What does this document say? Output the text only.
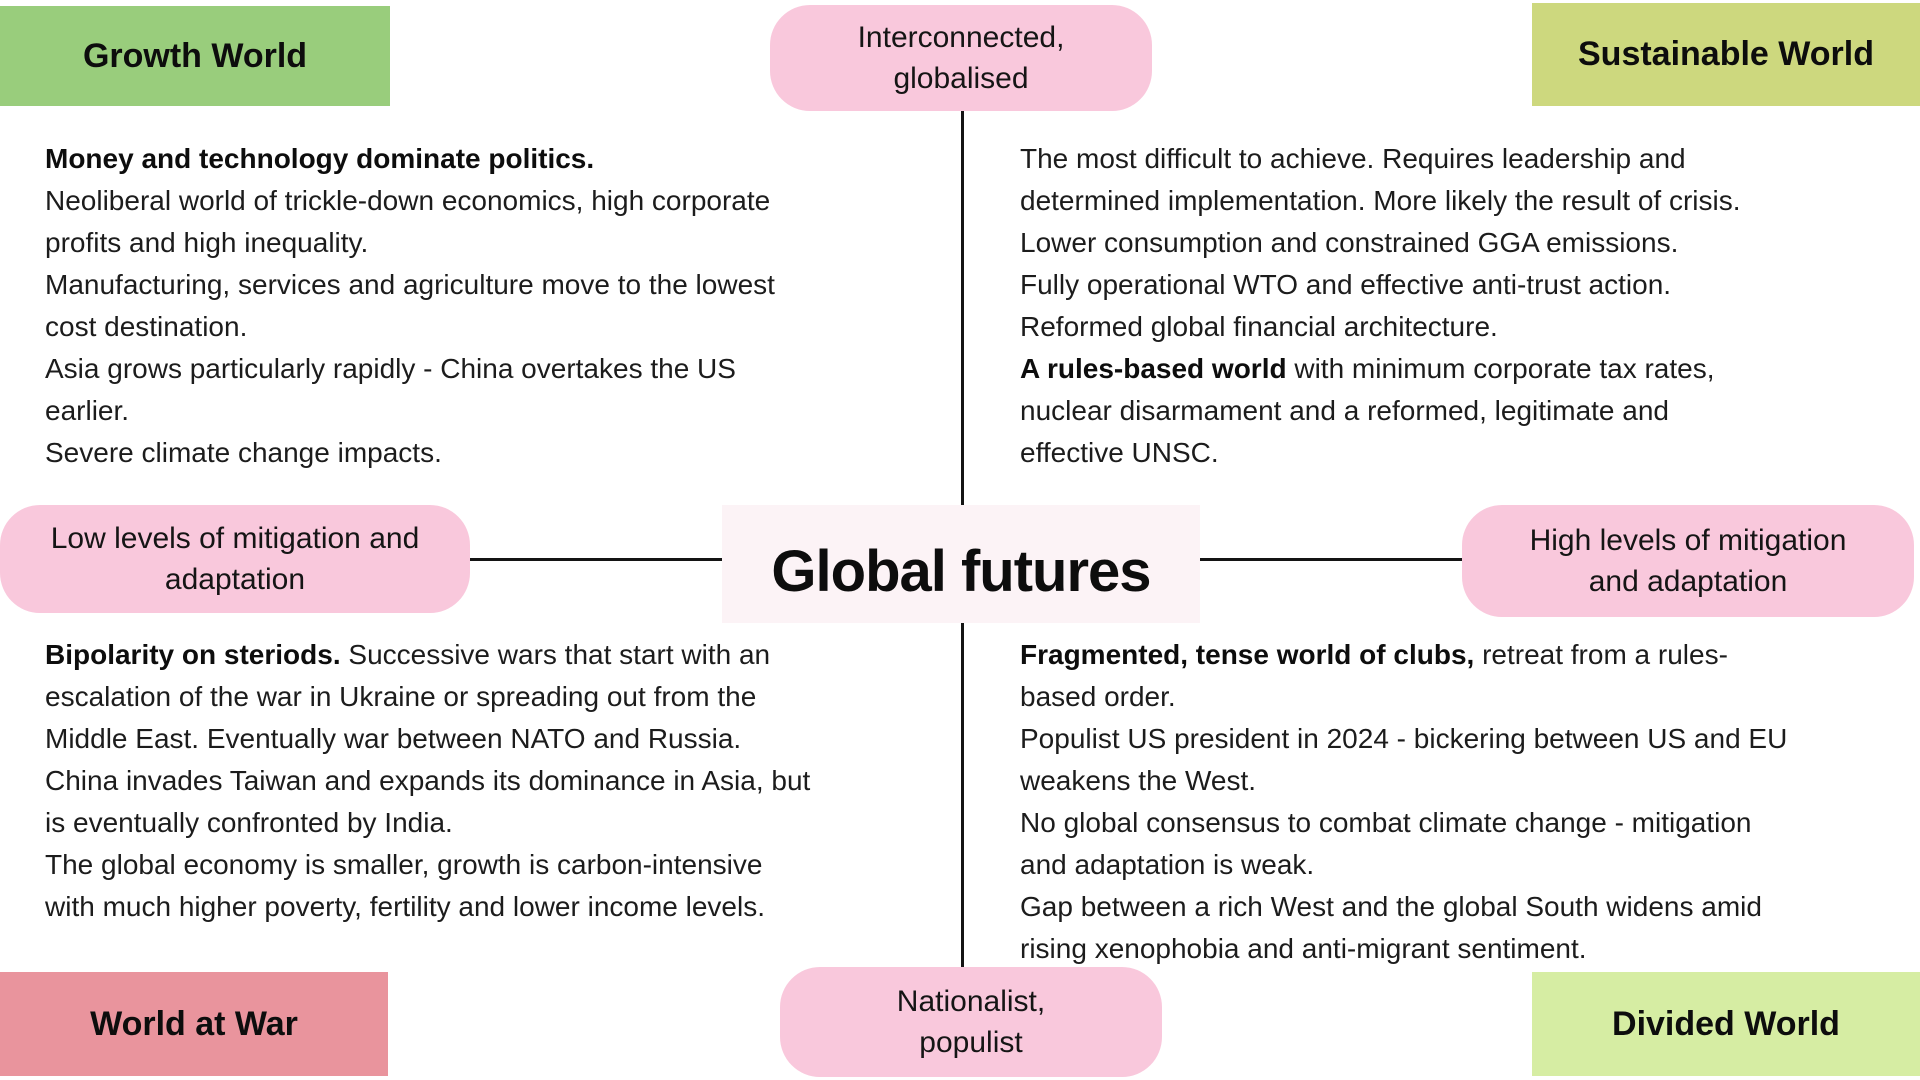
Growth World	Sustainable World
World at War	Divided World
Interconnected,
globalised
Nationalist,
populist
Low levels of mitigation and
adaptation
High levels of mitigation
and adaptation
Global futures
Money and technology dominate politics.
Neoliberal world of trickle-down economics, high corporate
profits and high inequality.
Manufacturing, services and agriculture move to the lowest
cost destination.
Asia grows particularly rapidly - China overtakes the US
earlier.
Severe climate change impacts.
The most difficult to achieve. Requires leadership and
determined implementation. More likely the result of crisis.
Lower consumption and constrained GGA emissions.
Fully operational WTO and effective anti-trust action.
Reformed global financial architecture.
A rules-based world with minimum corporate tax rates,
nuclear disarmament and a reformed, legitimate and
effective UNSC.
Bipolarity on steriods. Successive wars that start with an
escalation of the war in Ukraine or spreading out from the
Middle East. Eventually war between NATO and Russia.
China invades Taiwan and expands its dominance in Asia, but
is eventually confronted by India.
The global economy is smaller, growth is carbon-intensive
with much higher poverty, fertility and lower income levels.
Fragmented, tense world of clubs, retreat from a rules-
based order.
Populist US president in 2024 - bickering between US and EU
weakens the West.
No global consensus to combat climate change - mitigation
and adaptation is weak.
Gap between a rich West and the global South widens amid
rising xenophobia and anti-migrant sentiment.
